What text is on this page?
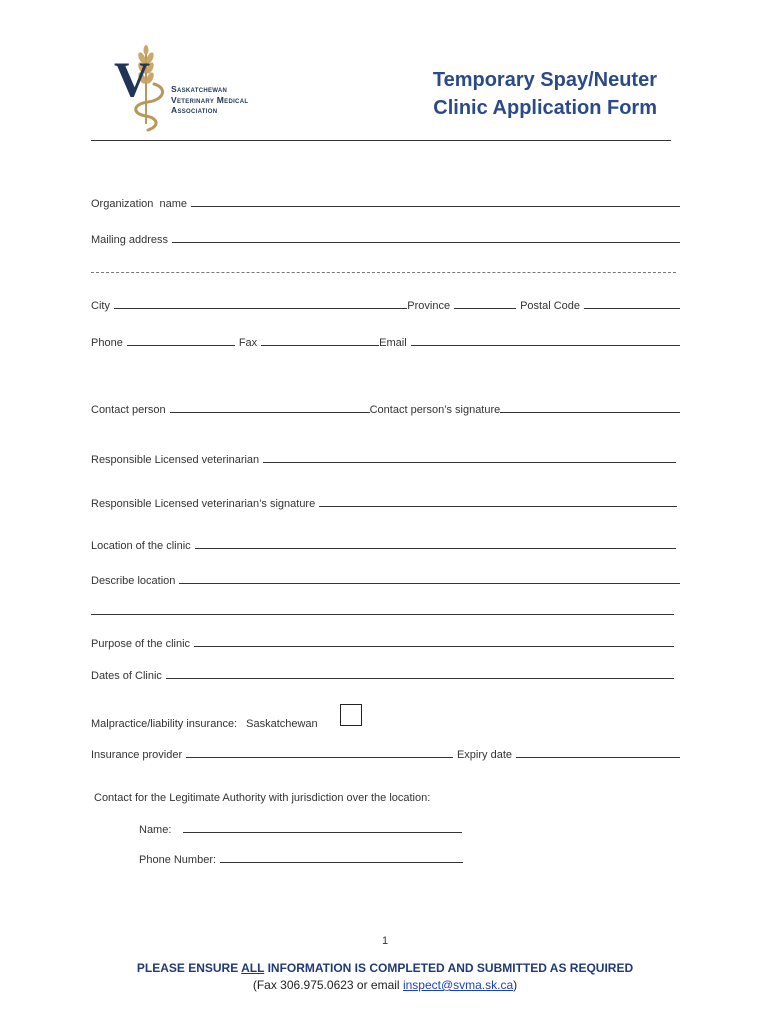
V Saskatchewan
Veterinary Medical
Association
Temporary Spay/Neuter
Clinic Application Form
Organization  name
Mailing address
City	Province	Postal Code
Phone	Fax	Email
Contact person	Contact person’s signature
Responsible Licensed veterinarian
Responsible Licensed veterinarian’s signature
Location of the clinic
Describe location
Purpose of the clinic
Dates of Clinic
Malpractice/liability insurance: Saskatchewan
Insurance provider	Expiry date
Contact for the Legitimate Authority with jurisdiction over the location:
Name:
Phone Number:
1
PLEASE ENSURE ALL INFORMATION IS COMPLETED AND SUBMITTED AS REQUIRED
(Fax 306.975.0623 or email inspect@svma.sk.ca)
